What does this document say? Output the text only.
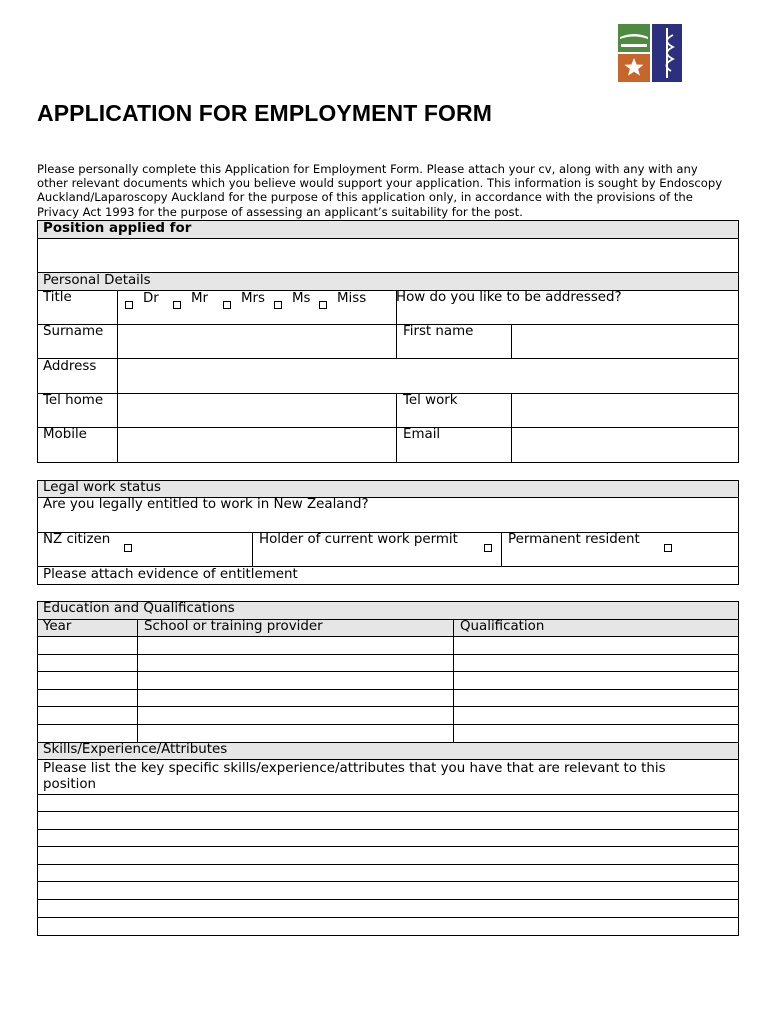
APPLICATION FOR EMPLOYMENT FORM
Please personally complete this Application for Employment Form. Please attach your cv, along with any with any
other relevant documents which you believe would support your application. This information is sought by Endoscopy
Auckland/Laparoscopy Auckland for the purpose of this application only, in accordance with the provisions of the
Privacy Act 1993 for the purpose of assessing an applicant’s suitability for the post.
Position applied for
Personal Details
Title	Dr Mr Mrs Ms Miss How do you like to be addressed?
Surname	First name
Address
Tel home	Tel work
Mobile	Email
Legal work status
Are you legally entitled to work in New Zealand?
NZ citizen	Holder of current work permit	Permanent resident
Please attach evidence of entitlement
Education and Qualifications
Year	School or training provider	Qualification
Skills/Experience/Attributes
Please list the key specific skills/experience/attributes that you have that are relevant to this
position
